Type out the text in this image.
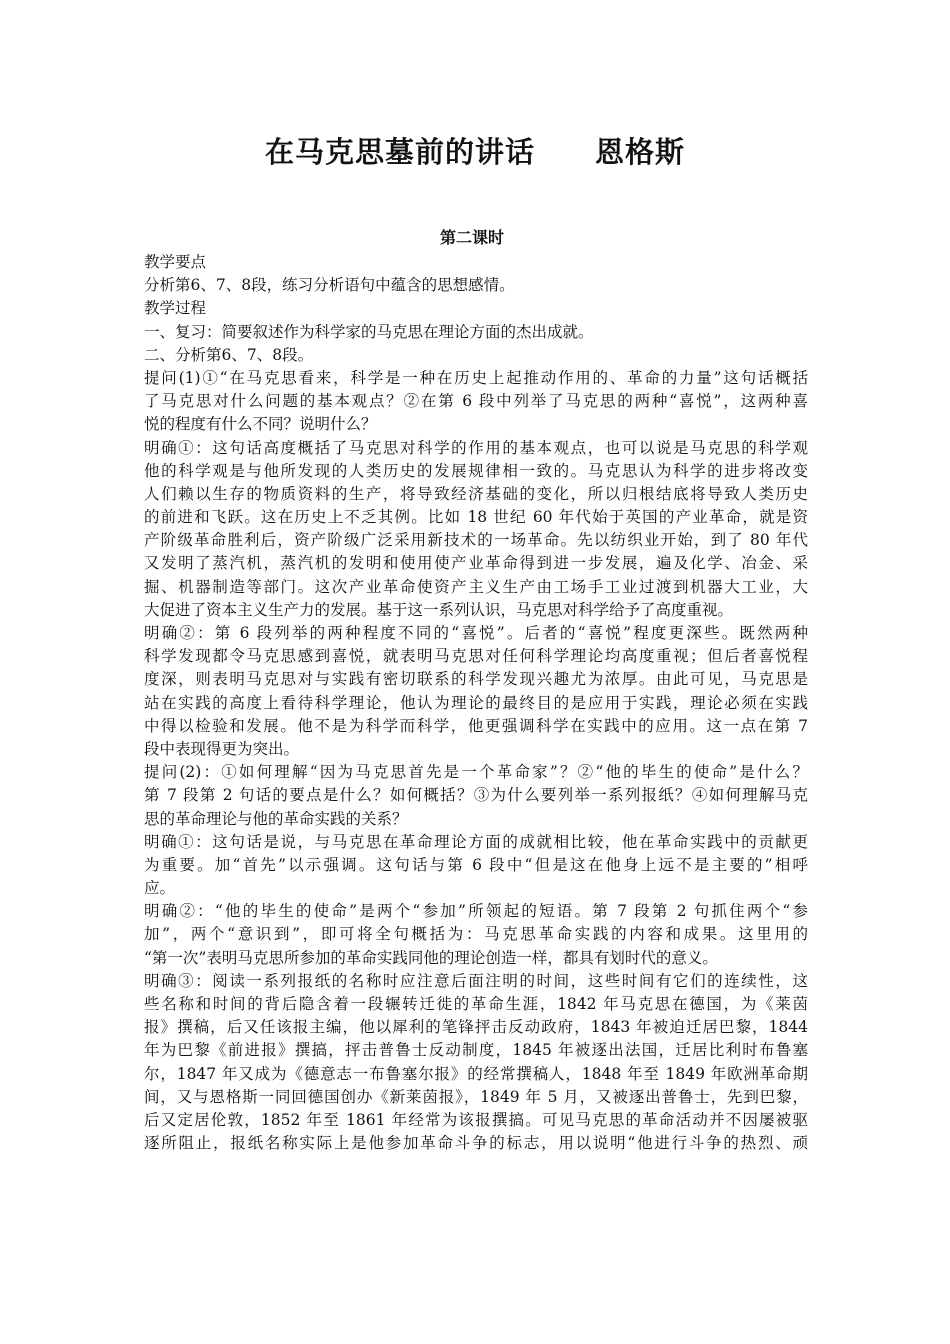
在马克思墓前的讲话　　恩格斯
第二课时
教学要点
分析第6、7、8段，练习分析语句中蕴含的思想感情。
教学过程
一、复习：简要叙述作为科学家的马克思在理论方面的杰出成就。
二、分析第6、7、8段。
提问(1)①“在马克思看来，科学是一种在历史上起推动作用的、革命的力量”这句话概括
了马克思对什么问题的基本观点？②在第 6 段中列举了马克思的两种“喜悦”，这两种喜
悦的程度有什么不同？说明什么？
明确①：这句话高度概括了马克思对科学的作用的基本观点，也可以说是马克思的科学观
他的科学观是与他所发现的人类历史的发展规律相一致的。马克思认为科学的进步将改变
人们赖以生存的物质资料的生产，将导致经济基础的变化，所以归根结底将导致人类历史
的前进和飞跃。这在历史上不乏其例。比如 18 世纪 60 年代始于英国的产业革命，就是资
产阶级革命胜利后，资产阶级广泛采用新技术的一场革命。先以纺织业开始，到了 80 年代
又发明了蒸汽机，蒸汽机的发明和使用使产业革命得到进一步发展，遍及化学、冶金、采
掘、机器制造等部门。这次产业革命使资产主义生产由工场手工业过渡到机器大工业，大
大促进了资本主义生产力的发展。基于这一系列认识，马克思对科学给予了高度重视。
明确②：第 6 段列举的两种程度不同的“喜悦”。后者的“喜悦”程度更深些。既然两种
科学发现都令马克思感到喜悦，就表明马克思对任何科学理论均高度重视；但后者喜悦程
度深，则表明马克思对与实践有密切联系的科学发现兴趣尤为浓厚。由此可见，马克思是
站在实践的高度上看待科学理论，他认为理论的最终目的是应用于实践，理论必须在实践
中得以检验和发展。他不是为科学而科学，他更强调科学在实践中的应用。这一点在第 7
段中表现得更为突出。
提问(2)：①如何理解“因为马克思首先是一个革命家”？②“他的毕生的使命”是什么？
第 7 段第 2 句话的要点是什么？如何概括？③为什么要列举一系列报纸？④如何理解马克
思的革命理论与他的革命实践的关系？
明确①：这句话是说，与马克思在革命理论方面的成就相比较，他在革命实践中的贡献更
为重要。加“首先”以示强调。这句话与第 6 段中“但是这在他身上远不是主要的”相呼
应。
明确②：“他的毕生的使命”是两个“参加”所领起的短语。第 7 段第 2 句抓住两个“参
加”，两个“意识到”，即可将全句概括为：马克思革命实践的内容和成果。这里用的
“第一次”表明马克思所参加的革命实践同他的理论创造一样，都具有划时代的意义。
明确③：阅读一系列报纸的名称时应注意后面注明的时间，这些时间有它们的连续性，这
些名称和时间的背后隐含着一段辗转迁徙的革命生涯，1842 年马克思在德国，为《莱茵
报》撰稿，后又任该报主编，他以犀利的笔锋抨击反动政府，1843 年被迫迁居巴黎，1844
年为巴黎《前进报》撰搞，抨击普鲁士反动制度，1845 年被逐出法国，迁居比利时布鲁塞
尔，1847 年又成为《德意志一布鲁塞尔报》的经常撰稿人，1848 年至 1849 年欧洲革命期
间，又与恩格斯一同回德国创办《新莱茵报》，1849 年 5 月，又被逐出普鲁士，先到巴黎，
后又定居伦敦，1852 年至 1861 年经常为该报撰搞。可见马克思的革命活动并不因屡被驱
逐所阻止，报纸名称实际上是他参加革命斗争的标志，用以说明“他进行斗争的热烈、顽
